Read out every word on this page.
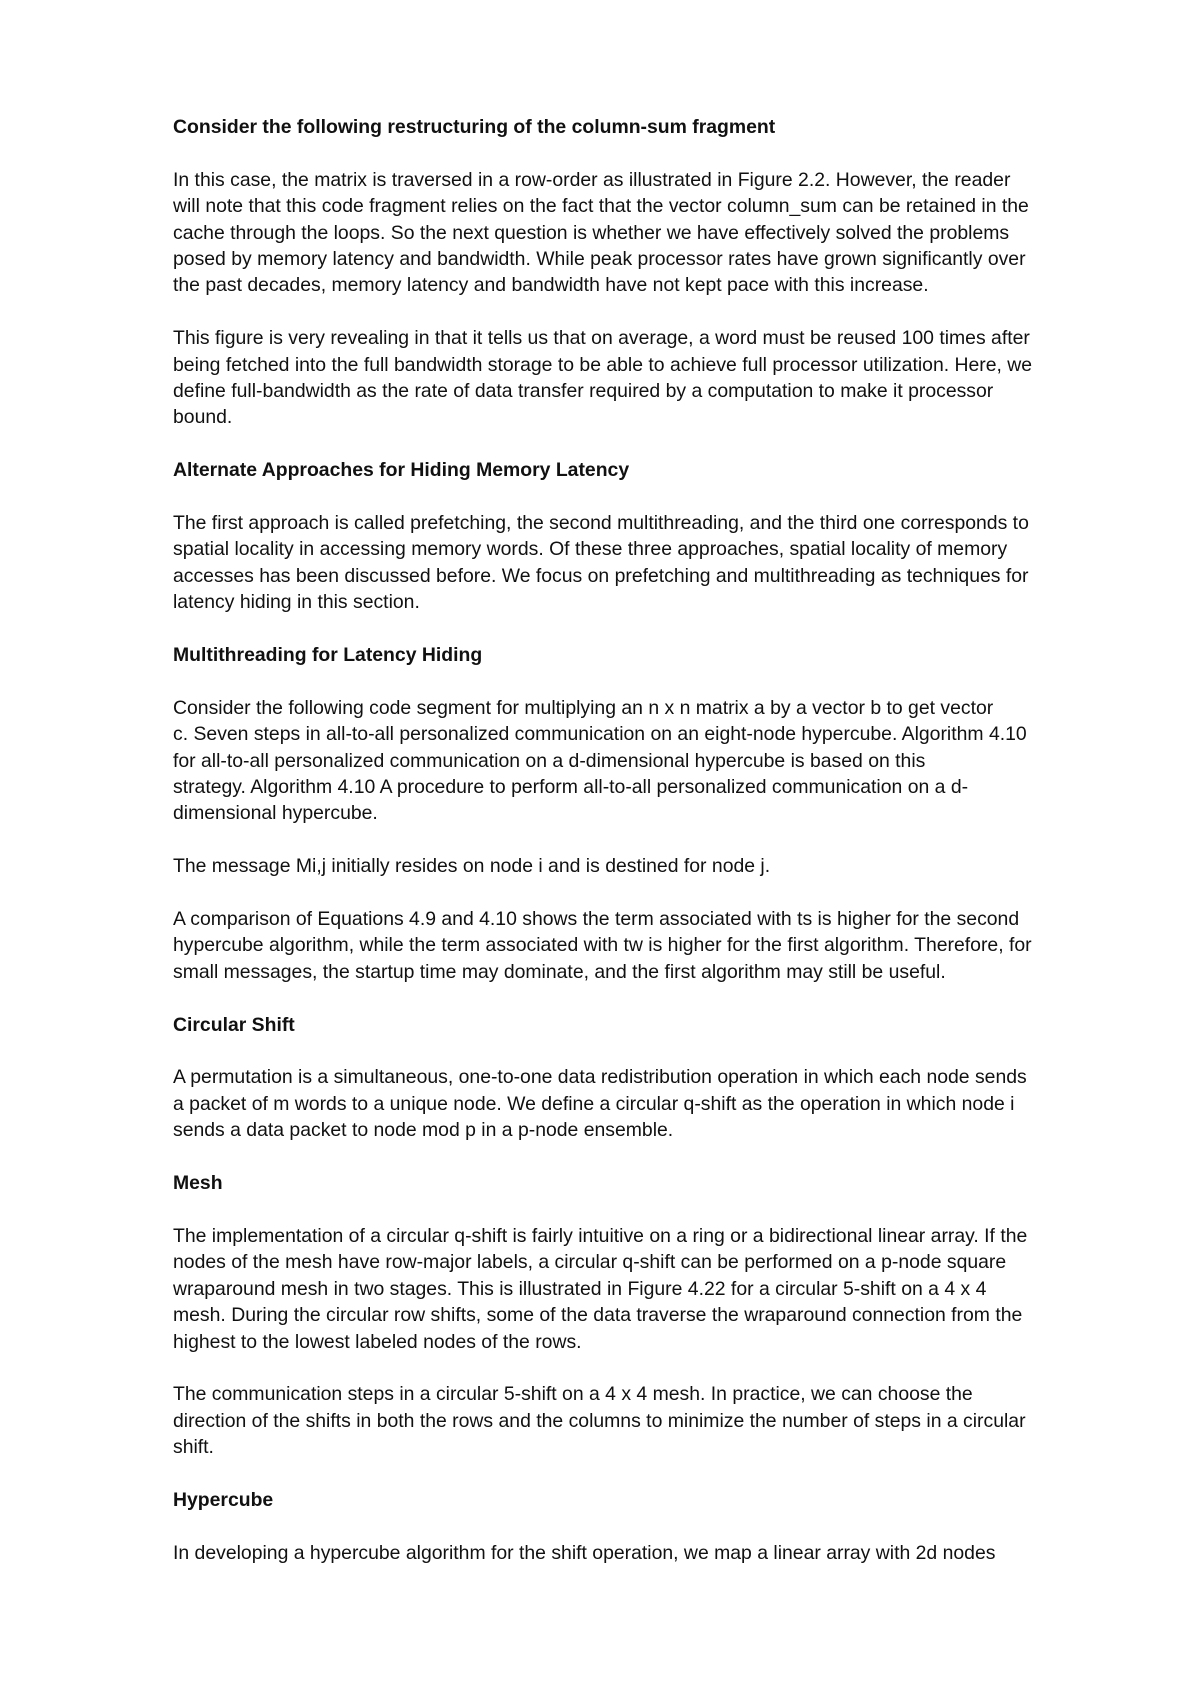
Consider the following restructuring of the column-sum fragment
In this case, the matrix is traversed in a row-order as illustrated in Figure 2.2. However, the reader
will note that this code fragment relies on the fact that the vector column_sum can be retained in the
cache through the loops. So the next question is whether we have effectively solved the problems
posed by memory latency and bandwidth. While peak processor rates have grown significantly over
the past decades, memory latency and bandwidth have not kept pace with this increase.
This figure is very revealing in that it tells us that on average, a word must be reused 100 times after
being fetched into the full bandwidth storage to be able to achieve full processor utilization. Here, we
define full-bandwidth as the rate of data transfer required by a computation to make it processor
bound.
Alternate Approaches for Hiding Memory Latency
The first approach is called prefetching, the second multithreading, and the third one corresponds to
spatial locality in accessing memory words. Of these three approaches, spatial locality of memory
accesses has been discussed before. We focus on prefetching and multithreading as techniques for
latency hiding in this section.
Multithreading for Latency Hiding
Consider the following code segment for multiplying an n x n matrix a by a vector b to get vector
c. Seven steps in all-to-all personalized communication on an eight-node hypercube. Algorithm 4.10
for all-to-all personalized communication on a d-dimensional hypercube is based on this
strategy. Algorithm 4.10 A procedure to perform all-to-all personalized communication on a d-
dimensional hypercube.
The message Mi,j initially resides on node i and is destined for node j.
A comparison of Equations 4.9 and 4.10 shows the term associated with ts is higher for the second
hypercube algorithm, while the term associated with tw is higher for the first algorithm. Therefore, for
small messages, the startup time may dominate, and the first algorithm may still be useful.
Circular Shift
A permutation is a simultaneous, one-to-one data redistribution operation in which each node sends
a packet of m words to a unique node. We define a circular q-shift as the operation in which node i
sends a data packet to node mod p in a p-node ensemble.
Mesh
The implementation of a circular q-shift is fairly intuitive on a ring or a bidirectional linear array. If the
nodes of the mesh have row-major labels, a circular q-shift can be performed on a p-node square
wraparound mesh in two stages. This is illustrated in Figure 4.22 for a circular 5-shift on a 4 x 4
mesh. During the circular row shifts, some of the data traverse the wraparound connection from the
highest to the lowest labeled nodes of the rows.
The communication steps in a circular 5-shift on a 4 x 4 mesh. In practice, we can choose the
direction of the shifts in both the rows and the columns to minimize the number of steps in a circular
shift.
Hypercube
In developing a hypercube algorithm for the shift operation, we map a linear array with 2d nodes
